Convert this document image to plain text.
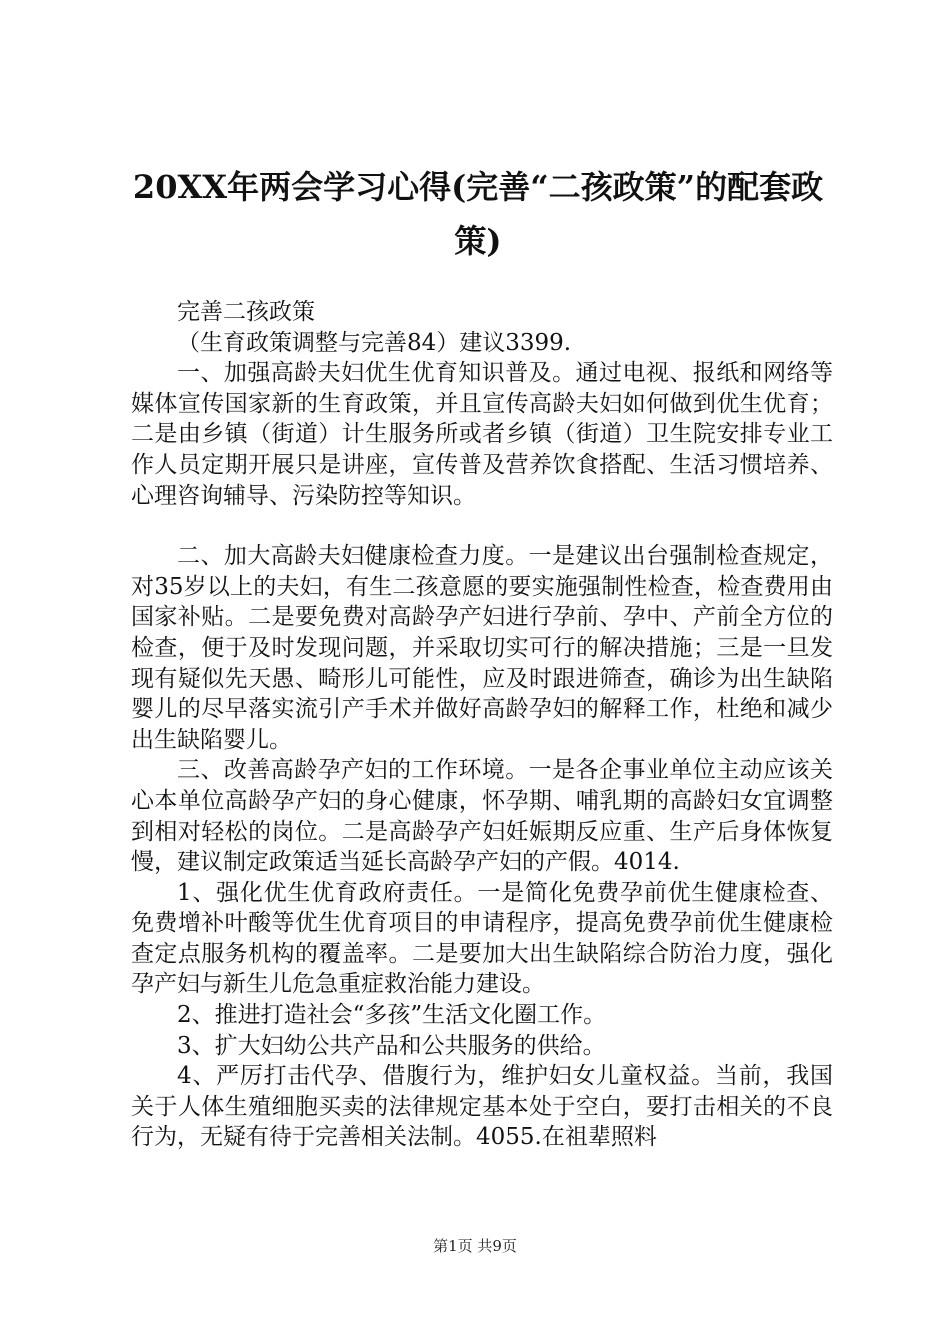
20XX年两会学习心得(完善“二孩政策”的配套政策)

完善二孩政策

（生育政策调整与完善84）建议3399.

一、加强高龄夫妇优生优育知识普及。通过电视、报纸和网络等媒体宣传国家新的生育政策，并且宣传高龄夫妇如何做到优生优育；二是由乡镇（街道）计生服务所或者乡镇（街道）卫生院安排专业工作人员定期开展只是讲座，宣传普及营养饮食搭配、生活习惯培养、心理咨询辅导、污染防控等知识。

二、加大高龄夫妇健康检查力度。一是建议出台强制检查规定，对35岁以上的夫妇，有生二孩意愿的要实施强制性检查，检查费用由国家补贴。二是要免费对高龄孕产妇进行孕前、孕中、产前全方位的检查，便于及时发现问题，并采取切实可行的解决措施；三是一旦发现有疑似先天愚、畸形儿可能性，应及时跟进筛查，确诊为出生缺陷婴儿的尽早落实流引产手术并做好高龄孕妇的解释工作，杜绝和减少出生缺陷婴儿。

三、改善高龄孕产妇的工作环境。一是各企事业单位主动应该关心本单位高龄孕产妇的身心健康，怀孕期、哺乳期的高龄妇女宜调整到相对轻松的岗位。二是高龄孕产妇妊娠期反应重、生产后身体恢复慢，建议制定政策适当延长高龄孕产妇的产假。4014.

1、强化优生优育政府责任。一是简化免费孕前优生健康检查、免费增补叶酸等优生优育项目的申请程序，提高免费孕前优生健康检查定点服务机构的覆盖率。二是要加大出生缺陷综合防治力度，强化孕产妇与新生儿危急重症救治能力建设。

2、推进打造社会“多孩”生活文化圈工作。

3、扩大妇幼公共产品和公共服务的供给。

4、严厉打击代孕、借腹行为，维护妇女儿童权益。当前，我国关于人体生殖细胞买卖的法律规定基本处于空白，要打击相关的不良行为，无疑有待于完善相关法制。4055.在祖辈照料

第1页 共9页
